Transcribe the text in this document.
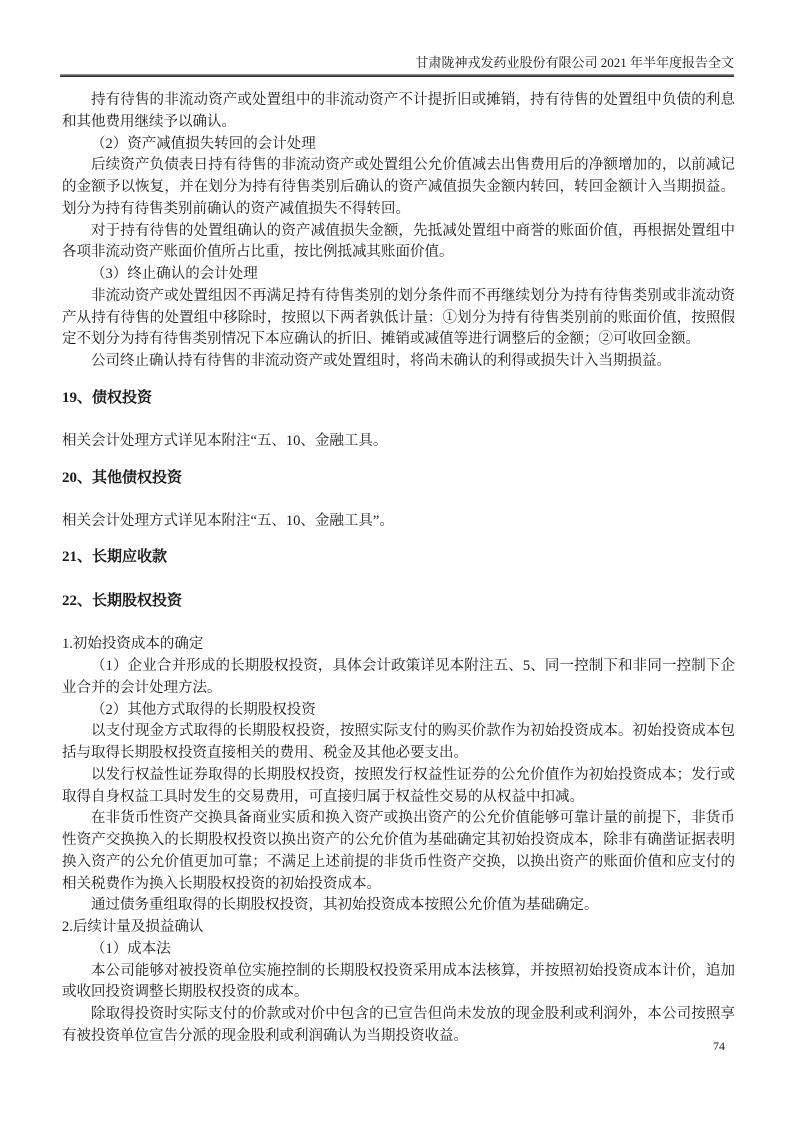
甘肃陇神戎发药业股份有限公司 2021 年半年度报告全文

持有待售的非流动资产或处置组中的非流动资产不计提折旧或摊销，持有待售的处置组中负债的利息和其他费用继续予以确认。

（2）资产减值损失转回的会计处理

后续资产负债表日持有待售的非流动资产或处置组公允价值减去出售费用后的净额增加的，以前减记的金额予以恢复，并在划分为持有待售类别后确认的资产减值损失金额内转回，转回金额计入当期损益。划分为持有待售类别前确认的资产减值损失不得转回。

对于持有待售的处置组确认的资产减值损失金额，先抵减处置组中商誉的账面价值，再根据处置组中各项非流动资产账面价值所占比重，按比例抵减其账面价值。

（3）终止确认的会计处理

非流动资产或处置组因不再满足持有待售类别的划分条件而不再继续划分为持有待售类别或非流动资产从持有待售的处置组中移除时，按照以下两者孰低计量：①划分为持有待售类别前的账面价值，按照假定不划分为持有待售类别情况下本应确认的折旧、摊销或减值等进行调整后的金额；②可收回金额。

公司终止确认持有待售的非流动资产或处置组时，将尚未确认的利得或损失计入当期损益。

19、债权投资

相关会计处理方式详见本附注“五、10、金融工具。

20、其他债权投资

相关会计处理方式详见本附注“五、10、金融工具”。

21、长期应收款
22、长期股权投资

1.初始投资成本的确定

（1）企业合并形成的长期股权投资，具体会计政策详见本附注五、5、同一控制下和非同一控制下企业合并的会计处理方法。

（2）其他方式取得的长期股权投资

以支付现金方式取得的长期股权投资，按照实际支付的购买价款作为初始投资成本。初始投资成本包括与取得长期股权投资直接相关的费用、税金及其他必要支出。

以发行权益性证券取得的长期股权投资，按照发行权益性证券的公允价值作为初始投资成本；发行或取得自身权益工具时发生的交易费用，可直接归属于权益性交易的从权益中扣减。

在非货币性资产交换具备商业实质和换入资产或换出资产的公允价值能够可靠计量的前提下，非货币性资产交换换入的长期股权投资以换出资产的公允价值为基础确定其初始投资成本，除非有确凿证据表明换入资产的公允价值更加可靠；不满足上述前提的非货币性资产交换，以换出资产的账面价值和应支付的相关税费作为换入长期股权投资的初始投资成本。

通过债务重组取得的长期股权投资，其初始投资成本按照公允价值为基础确定。

2.后续计量及损益确认

（1）成本法

本公司能够对被投资单位实施控制的长期股权投资采用成本法核算，并按照初始投资成本计价，追加或收回投资调整长期股权投资的成本。

除取得投资时实际支付的价款或对价中包含的已宣告但尚未发放的现金股利或利润外，本公司按照享有被投资单位宣告分派的现金股利或利润确认为当期投资收益。

74
